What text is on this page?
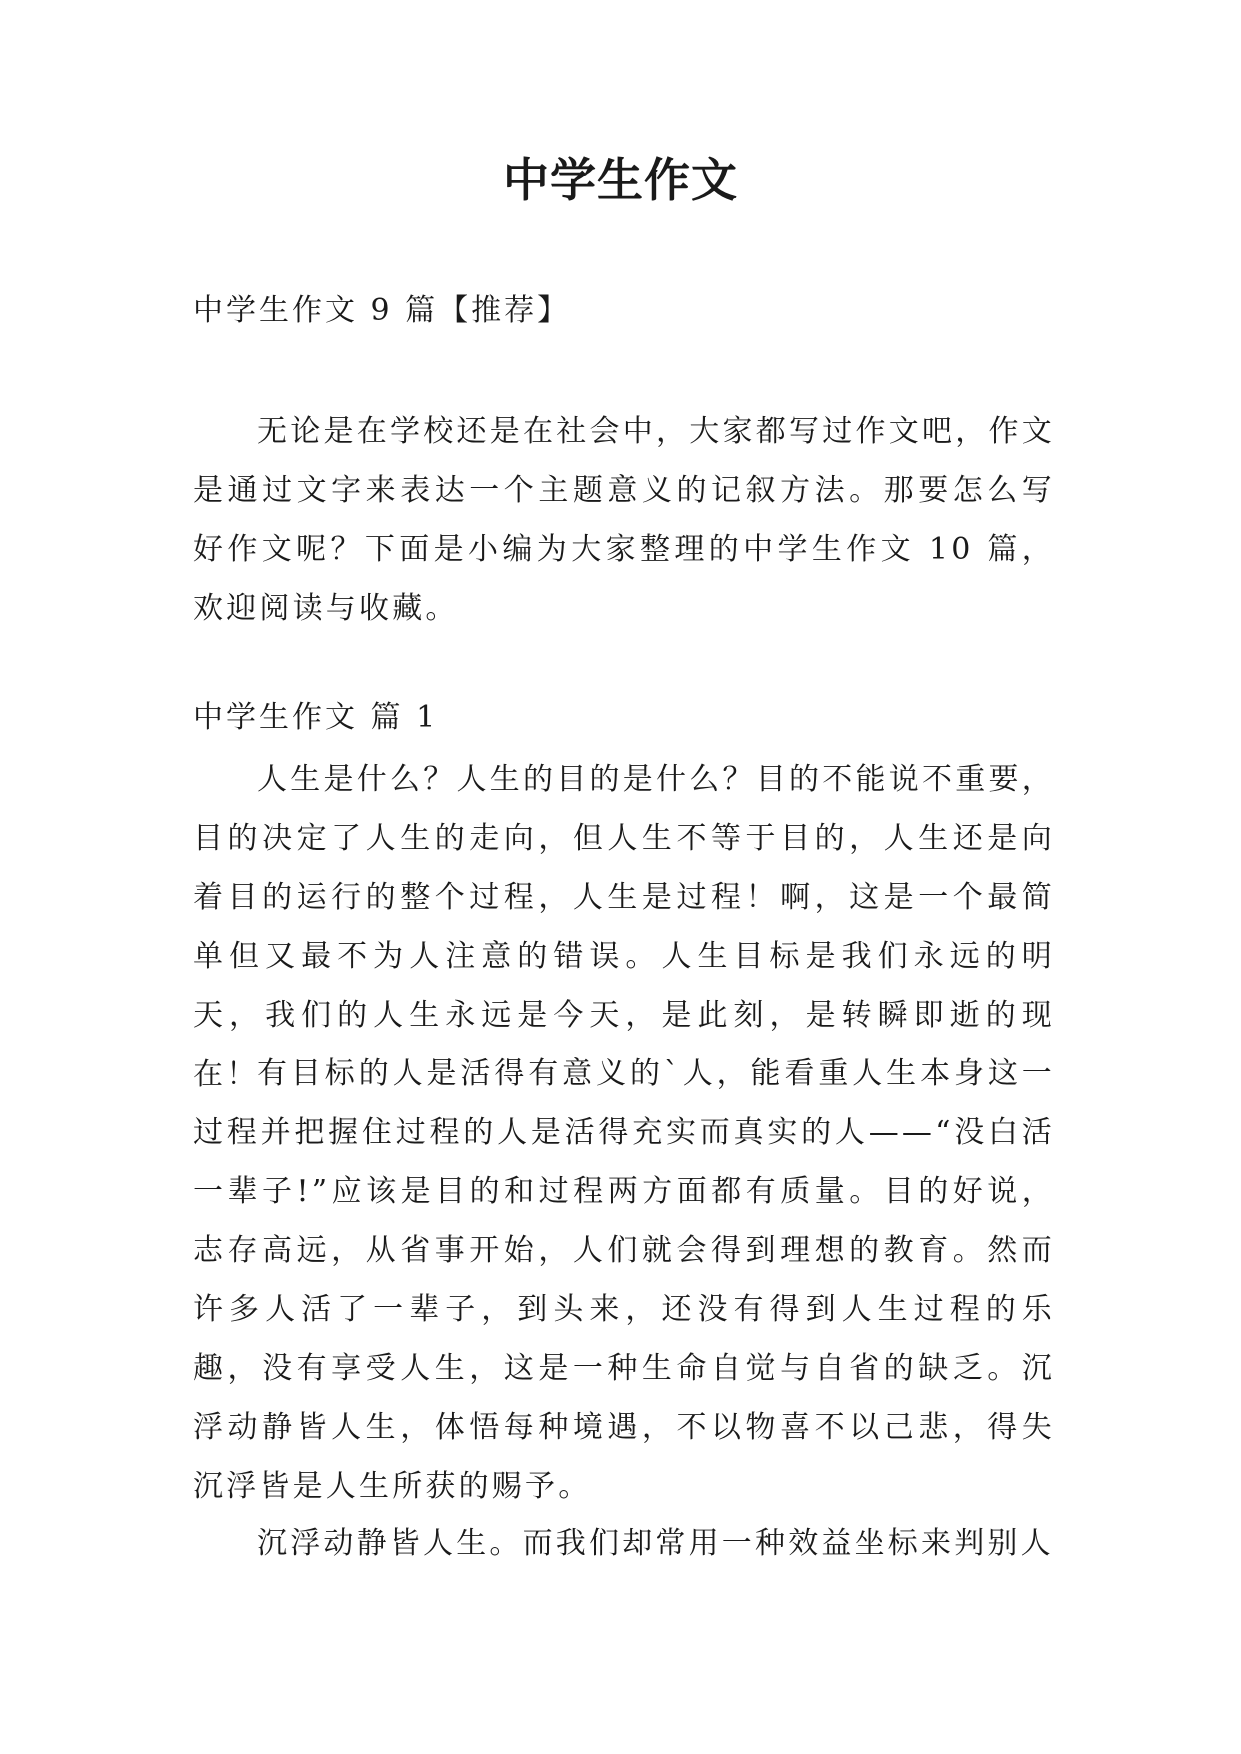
中学生作文

中学生作文 9 篇【推荐】

无论是在学校还是在社会中，大家都写过作文吧，作文是通过文字来表达一个主题意义的记叙方法。那要怎么写好作文呢？下面是小编为大家整理的中学生作文 10 篇，欢迎阅读与收藏。

中学生作文 篇 1

人生是什么？人生的目的是什么？目的不能说不重要，目的决定了人生的走向，但人生不等于目的，人生还是向着目的运行的整个过程，人生是过程！啊，这是一个最简单但又最不为人注意的错误。人生目标是我们永远的明天，我们的人生永远是今天，是此刻，是转瞬即逝的现在！

有目标的人是活得有意义的`人，能看重人生本身这一过程并把握住过程的人是活得充实而真实的人——“没白活一辈子!”应该是目的和过程两方面都有质量。目的好说，志存高远，从省事开始，人们就会得到理想的教育。然而许多人活了一辈子，到头来，还没有得到人生过程的乐趣，没有享受人生，这是一种生命自觉与自省的缺乏。沉浮动静皆人生，体悟每种境遇，不以物喜不以己悲，得失沉浮皆是人生所获的赐予。

沉浮动静皆人生。而我们却常用一种效益坐标来判别人
